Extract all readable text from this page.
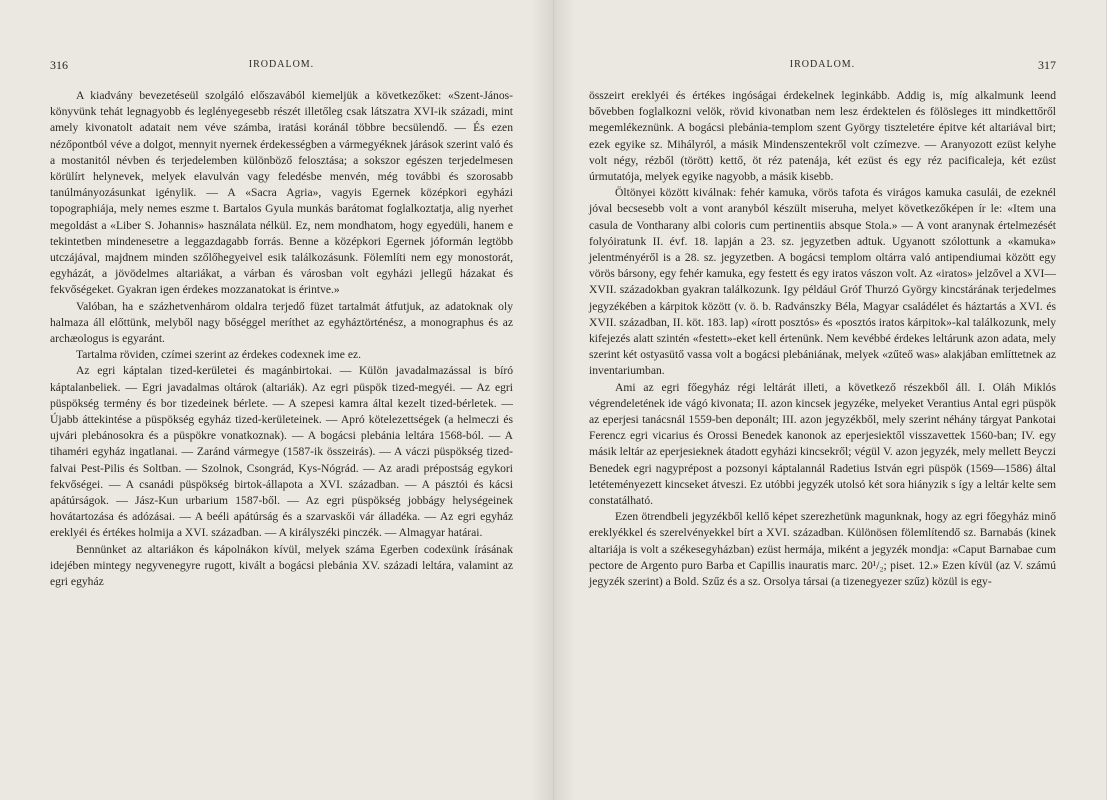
316	IRODALOM.

A kiadvány bevezetéseül szolgáló előszavából kiemeljük a következőket: «Szent-János-könyvünk tehát legnagyobb és leglényegesebb részét illetőleg csak látszatra XVI-ik századi, mint amely kivonatolt adatait nem véve számba, iratási koránál többre becsülendő. — És ezen nézőpontból véve a dolgot, mennyit nyernek érdekességben a vármegyéknek járások szerint való és a mostanitól névben és terjedelemben különböző felosztása; a sokszor egészen terjedelmesen körülírt helynevek, melyek elavulván vagy feledésbe menvén, még további és szorosabb tanúlmányozásunkat igénylik. — A «Sacra Agria», vagyis Egernek középkori egyházi topographiája, mely nemes eszme t. Bartalos Gyula munkás barátomat foglalkoztatja, alig nyerhet megoldást a «Liber S. Johannis» használata nélkül. Ez, nem mondhatom, hogy egyedüli, hanem e tekintetben mindenesetre a leggazdagabb forrás. Benne a középkori Egernek jóformán legtöbb utczájával, majdnem minden szőlőhegyeivel esik találkozásunk. Fölemlíti nem egy monostorát, egyházát, a jövödelmes altariákat, a várban és városban volt egyházi jellegű házakat és fekvőségeket. Gyakran igen érdekes mozzanatokat is érintve.»

Valóban, ha e százhetvenhárom oldalra terjedő füzet tartalmát átfutjuk, az adatoknak oly halmaza áll előttünk, melyből nagy bőséggel meríthet az egyháztörténész, a monographus és az archæologus is egyaránt.

Tartalma röviden, czímei szerint az érdekes codexnek ime ez.

Az egri káptalan tized-kerületei és magánbirtokai. — Külön javadalmazással is bíró káptalanbeliek. — Egri javadalmas oltárok (altariák). Az egri püspök tized-megyéi. — Az egri püspökség termény és bor tizedeinek bérlete. — A szepesi kamra által kezelt tized-bérletek. — Újabb áttekintése a püspökség egyház tized-kerületeinek. — Apró kötelezettségek (a helmeczi és ujvári plebánosokra és a püspökre vonatkoznak). — A bogácsi plebánia leltára 1568-ból. — A tihaméri egyház ingatlanai. — Zaránd vármegye (1587-ik összeirás). — A váczi püspökség tized-falvai Pest-Pilis és Soltban. — Szolnok, Csongrád, Kys-Nógrád. — Az aradi prépostság egykori fekvőségei. — A csanádi püspökség birtok-állapota a XVI. században. — A pásztói és kácsi apátúrságok. — Jász-Kun urbarium 1587-ből. — Az egri püspökség jobbágy helységeinek hovátartozása és adózásai. — A beéli apátúrság és a szarvaskői vár álladéka. — Az egri egyház ereklyéi és értékes holmija a XVI. században. — A királyszéki pinczék. — Almagyar határai.

Bennünket az altariákon és kápolnákon kívül, melyek száma Egerben codexünk írásának idejében mintegy negyvenegyre rugott, kivált a bogácsi plebánia XV. századi leltára, valamint az egri egyház

IRODALOM.	317

összeirt ereklyéi és értékes ingóságai érdekelnek leginkább. Addig is, míg alkalmunk leend bővebben foglalkozni velök, rövid kivonatban nem lesz érdektelen és fölösleges itt mindkettőről megemlékeznünk. A bogácsi plebánia-templom szent György tiszteletére épitve két altariával birt; ezek egyike sz. Mihályról, a másik Mindenszentekről volt czímezve. — Aranyozott ezüst kelyhe volt négy, rézből (törött) kettő, öt réz patenája, két ezüst és egy réz pacificaleja, két ezüst úrmutatója, melyek egyike nagyobb, a másik kisebb.

Öltönyei között kiválnak: fehér kamuka, vörös tafota és virágos kamuka casulái, de ezeknél jóval becsesebb volt a vont aranyból készült miseruha, melyet következőképen ír le: «Item una casula de Vontharany albi coloris cum pertinentiis absque Stola.» — A vont aranynak értelmezését folyóiratunk II. évf. 18. lapján a 23. sz. jegyzetben adtuk. Ugyanott szólottunk a «kamuka» jelentményéről is a 28. sz. jegyzetben. A bogácsi templom oltárra való antipendiumai között egy vörös bársony, egy fehér kamuka, egy festett és egy iratos vászon volt. Az «iratos» jelzővel a XVI—XVII. századokban gyakran találkozunk. Igy például Gróf Thurzó György kincstárának terjedelmes jegyzékében a kárpitok között (v. ö. b. Radvánszky Béla, Magyar családélet és háztartás a XVI. és XVII. században, II. köt. 183. lap) «írott posztós» és «posztós iratos kárpitok»-kal találkozunk, mely kifejezés alatt szintén «festett»-eket kell értenünk. Nem kevébbé érdekes leltárunk azon adata, mely szerint két ostyasütő vassa volt a bogácsi plebániának, melyek «zűteő was» alakjában említtetnek az inventariumban.

Ami az egri főegyház régi leltárát illeti, a következő részekből áll. I. Oláh Miklós végrendeletének ide vágó kivonata; II. azon kincsek jegyzéke, melyeket Verantius Antal egri püspök az eperjesi tanácsnál 1559-ben deponált; III. azon jegyzékből, mely szerint néhány tárgyat Pankotai Ferencz egri vicarius és Orossi Benedek kanonok az eperjesiektől visszavettek 1560-ban; IV. egy másik leltár az eperjesieknek átadott egyházi kincsekről; végül V. azon jegyzék, mely mellett Beyczi Benedek egri nagyprépost a pozsonyi káptalannál Radetius István egri püspök (1569—1586) által letéteményezett kincseket átveszi. Ez utóbbi jegyzék utolsó két sora hiányzik s így a leltár kelte sem constatálható.

Ezen ötrendbeli jegyzékből kellő képet szerezhetünk magunknak, hogy az egri főegyház minő ereklyékkel és szerelvényekkel bírt a XVI. században. Különösen fölemlítendő sz. Barnabás (kinek altariája is volt a székesegyházban) ezüst hermája, miként a jegyzék mondja: «Caput Barnabae cum pectore de Argento puro Barba et Capillis inauratis marc. 20¹/₂; piset. 12.» Ezen kívül (az V. számú jegyzék szerint) a Bold. Szűz és a sz. Orsolya társai (a tizenegyezer szűz) közül is egy-
